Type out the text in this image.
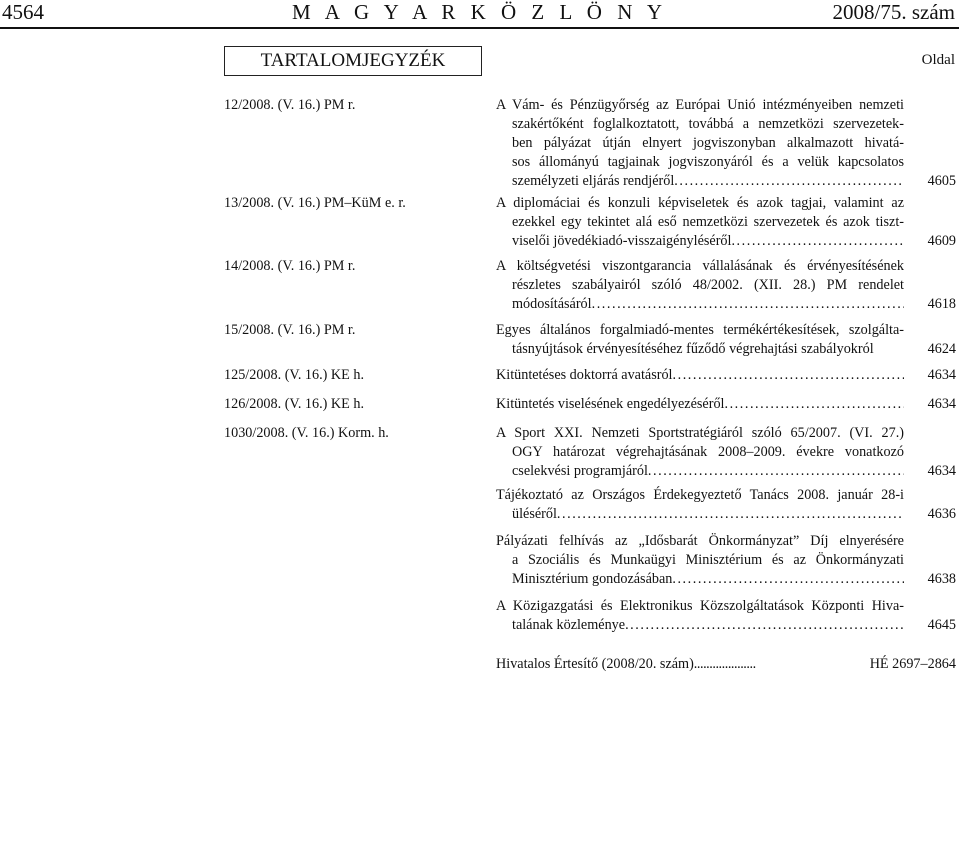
4564	M A G Y A R K Ö Z L Ö N Y	2008/75. szám
TARTALOMJEGYZÉK	Oldal
12/2008. (V. 16.) PM r.	A Vám- és Pénzügyőrség az Európai Unió intézményeiben nemzeti
szakértőként foglalkoztatott, továbbá a nemzetközi szervezetek-
ben pályázat útján elnyert jogviszonyban alkalmazott hivatá-
sos állományú tagjainak jogviszonyáról és a velük kapcsolatos
személyzeti eljárás rendjéről . . .	4605
13/2008. (V. 16.) PM–KüM e. r.	A diplomáciai és konzuli képviseletek és azok tagjai, valamint az
ezekkel egy tekintet alá eső nemzetközi szervezetek és azok tiszt-
viselői jövedékiadó-visszaigényléséről . . .	4609
14/2008. (V. 16.) PM r.	A költségvetési viszontgarancia vállalásának és érvényesítésének
részletes szabályairól szóló 48/2002. (XII. 28.) PM rendelet
módosításáról . . .	4618
15/2008. (V. 16.) PM r.	Egyes általános forgalmiadó-mentes termékértékesítések, szolgálta-
tásnyújtások érvényesítéséhez fűződő végrehajtási szabályokról	4624
125/2008. (V. 16.) KE h.	Kitüntetéses doktorrá avatásról . . .	4634
126/2008. (V. 16.) KE h.	Kitüntetés viselésének engedélyezéséről . . .	4634
1030/2008. (V. 16.) Korm. h.	A Sport XXI. Nemzeti Sportstratégiáról szóló 65/2007. (VI. 27.)
OGY határozat végrehajtásának 2008–2009. évekre vonatkozó
cselekvési programjáról . . .	4634
Tájékoztató az Országos Érdekegyeztető Tanács 2008. január 28-i
üléséről . . .	4636
Pályázati felhívás az „Idősbarát Önkormányzat” Díj elnyerésére
a Szociális és Munkaügyi Minisztérium és az Önkormányzati
Minisztérium gondozásában . . .	4638
A Közigazgatási és Elektronikus Közszolgáltatások Központi Hiva-
talának közleménye . . .	4645
Hivatalos Értesítő (2008/20. szám) . . .	HÉ 2697–2864
